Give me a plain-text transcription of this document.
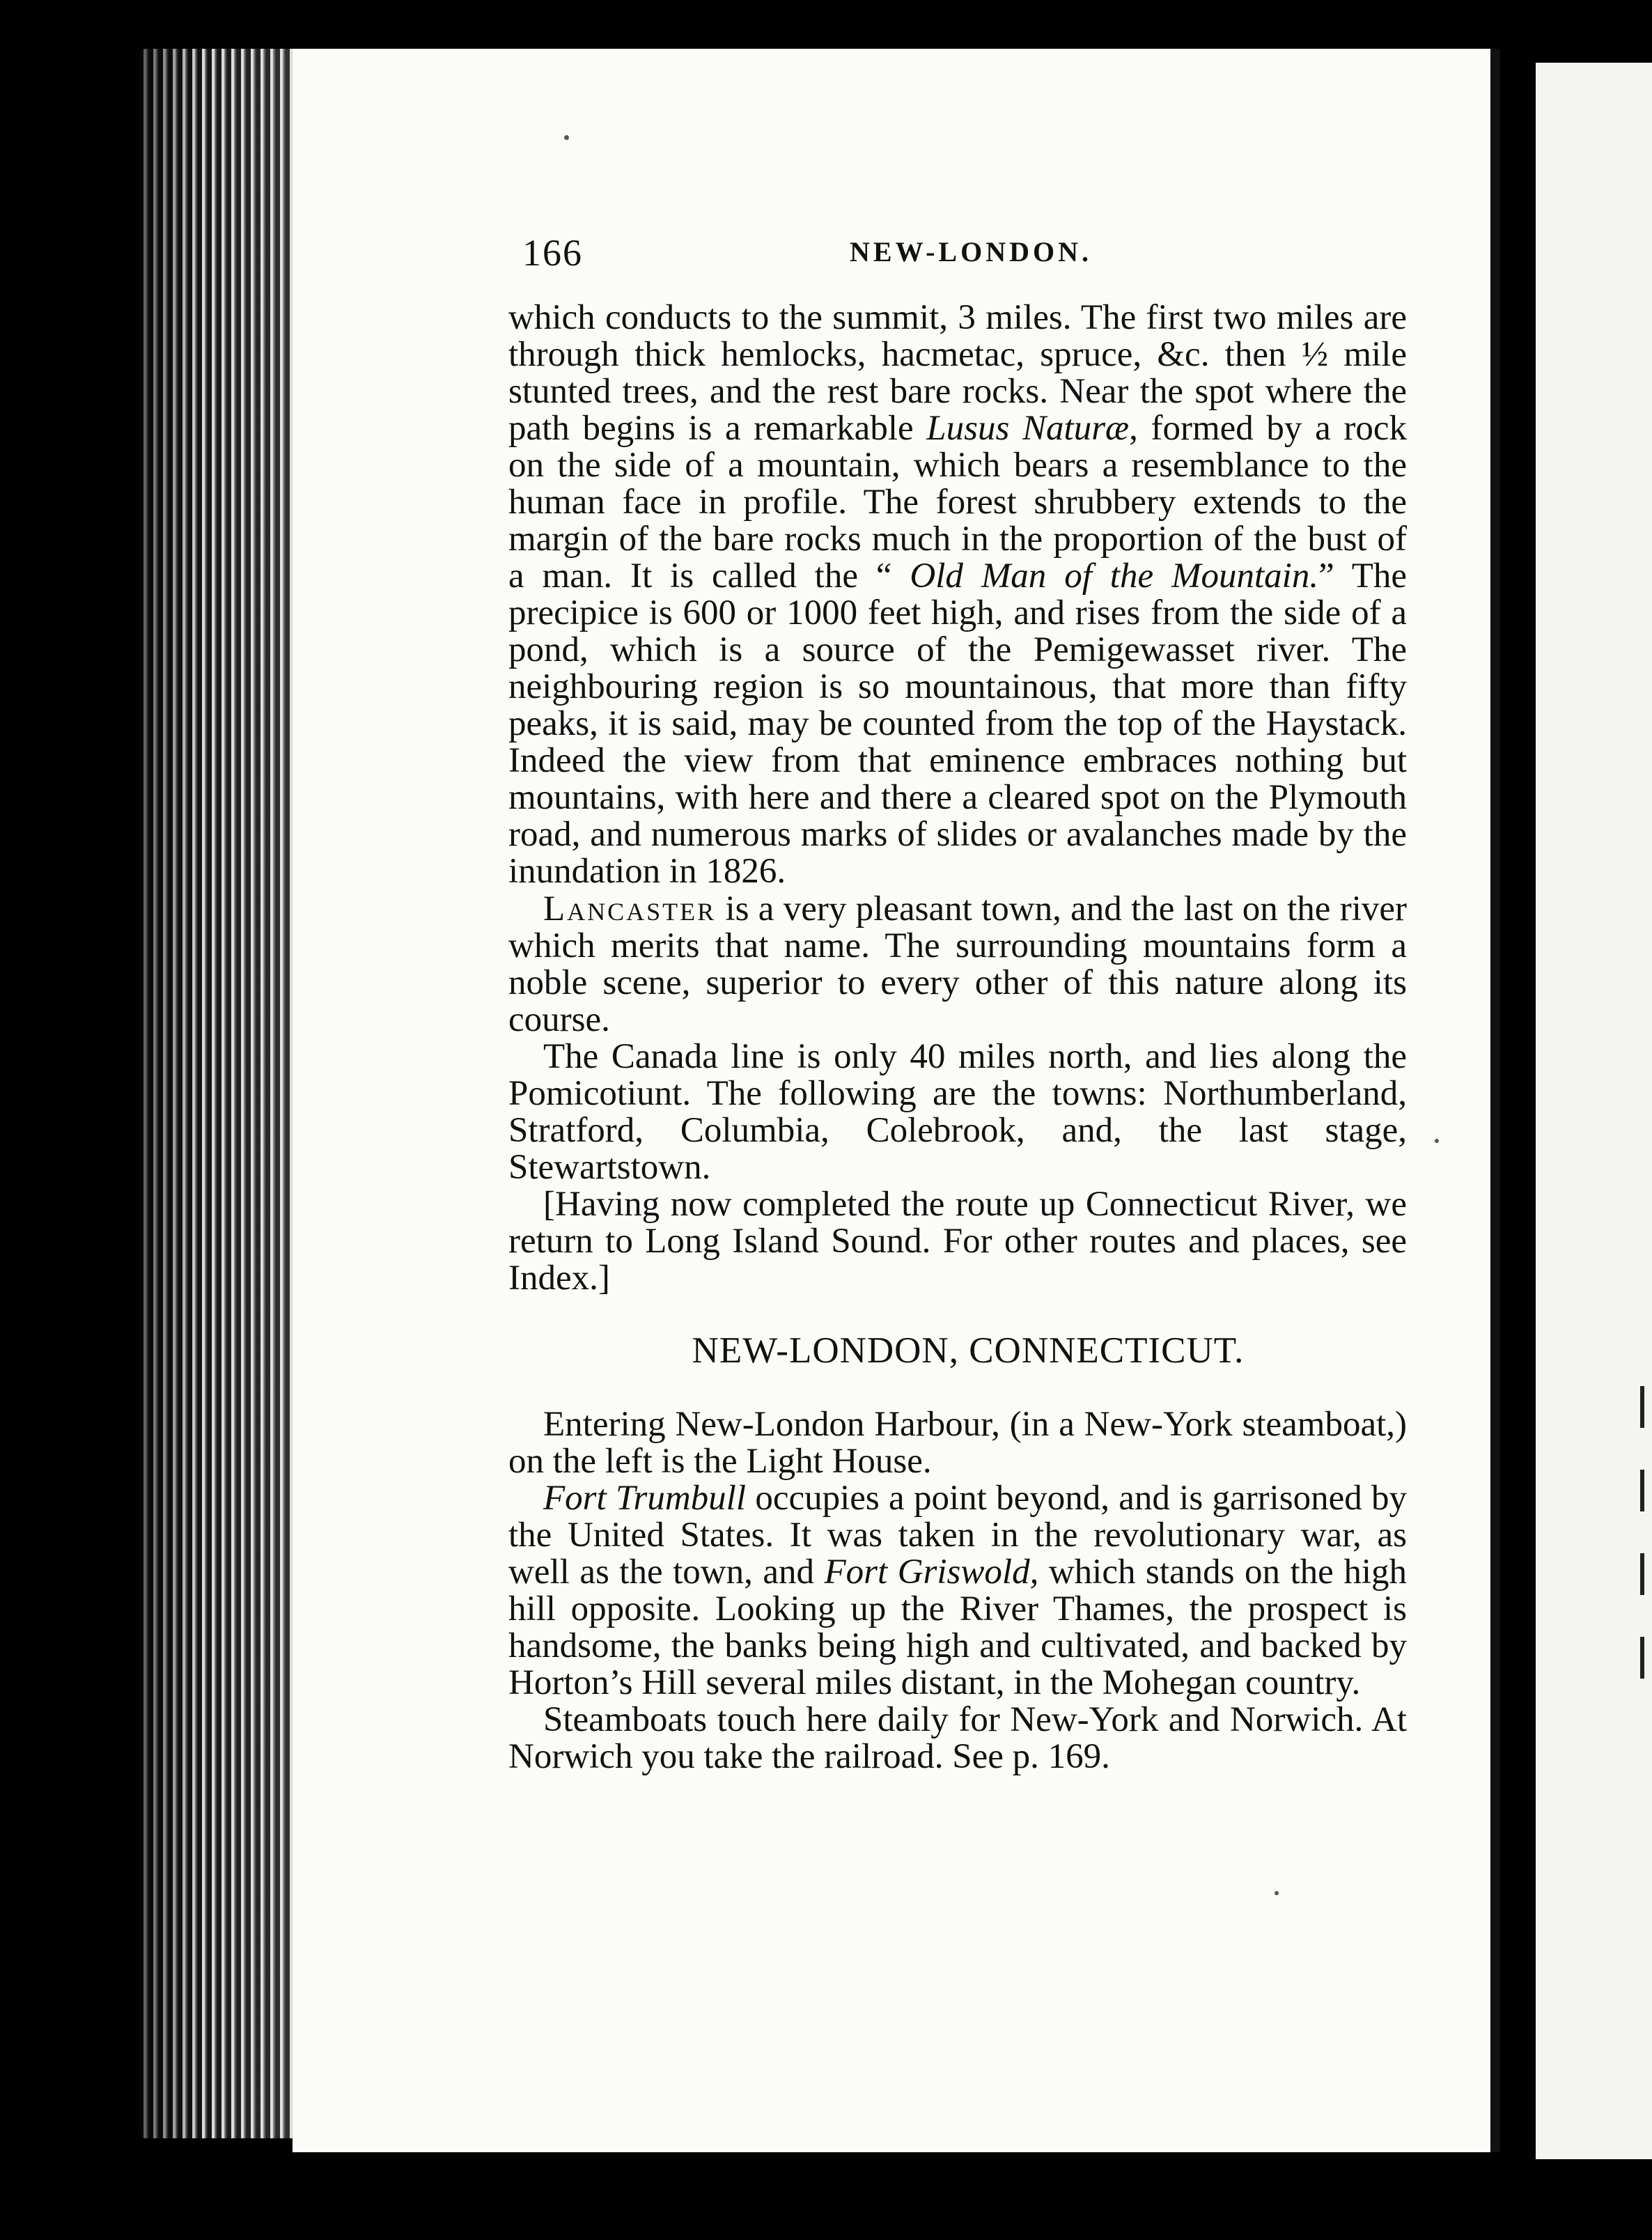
166	NEW-LONDON.

which conducts to the summit, 3 miles. The first two miles are through thick hemlocks, hacmetac, spruce, &c. then ½ mile stunted trees, and the rest bare rocks. Near the spot where the path begins is a remarkable Lusus Naturæ, formed by a rock on the side of a mountain, which bears a resemblance to the human face in profile. The forest shrubbery extends to the margin of the bare rocks much in the proportion of the bust of a man. It is called the “ Old Man of the Mountain.” The precipice is 600 or 1000 feet high, and rises from the side of a pond, which is a source of the Pemigewasset river. The neighbouring region is so mountainous, that more than fifty peaks, it is said, may be counted from the top of the Haystack. Indeed the view from that eminence embraces nothing but mountains, with here and there a cleared spot on the Plymouth road, and numerous marks of slides or avalanches made by the inundation in 1826.

Lancaster is a very pleasant town, and the last on the river which merits that name. The surrounding mountains form a noble scene, superior to every other of this nature along its course.

The Canada line is only 40 miles north, and lies along the Pomicotiunt. The following are the towns: Northumberland, Stratford, Columbia, Colebrook, and, the last stage, Stewartstown.

[Having now completed the route up Connecticut River, we return to Long Island Sound. For other routes and places, see Index.]

NEW-LONDON, CONNECTICUT.

Entering New-London Harbour, (in a New-York steamboat,) on the left is the Light House.

Fort Trumbull occupies a point beyond, and is garrisoned by the United States. It was taken in the revolutionary war, as well as the town, and Fort Griswold, which stands on the high hill opposite. Looking up the River Thames, the prospect is handsome, the banks being high and cultivated, and backed by Horton’s Hill several miles distant, in the Mohegan country.

Steamboats touch here daily for New-York and Norwich. At Norwich you take the railroad. See p. 169.
